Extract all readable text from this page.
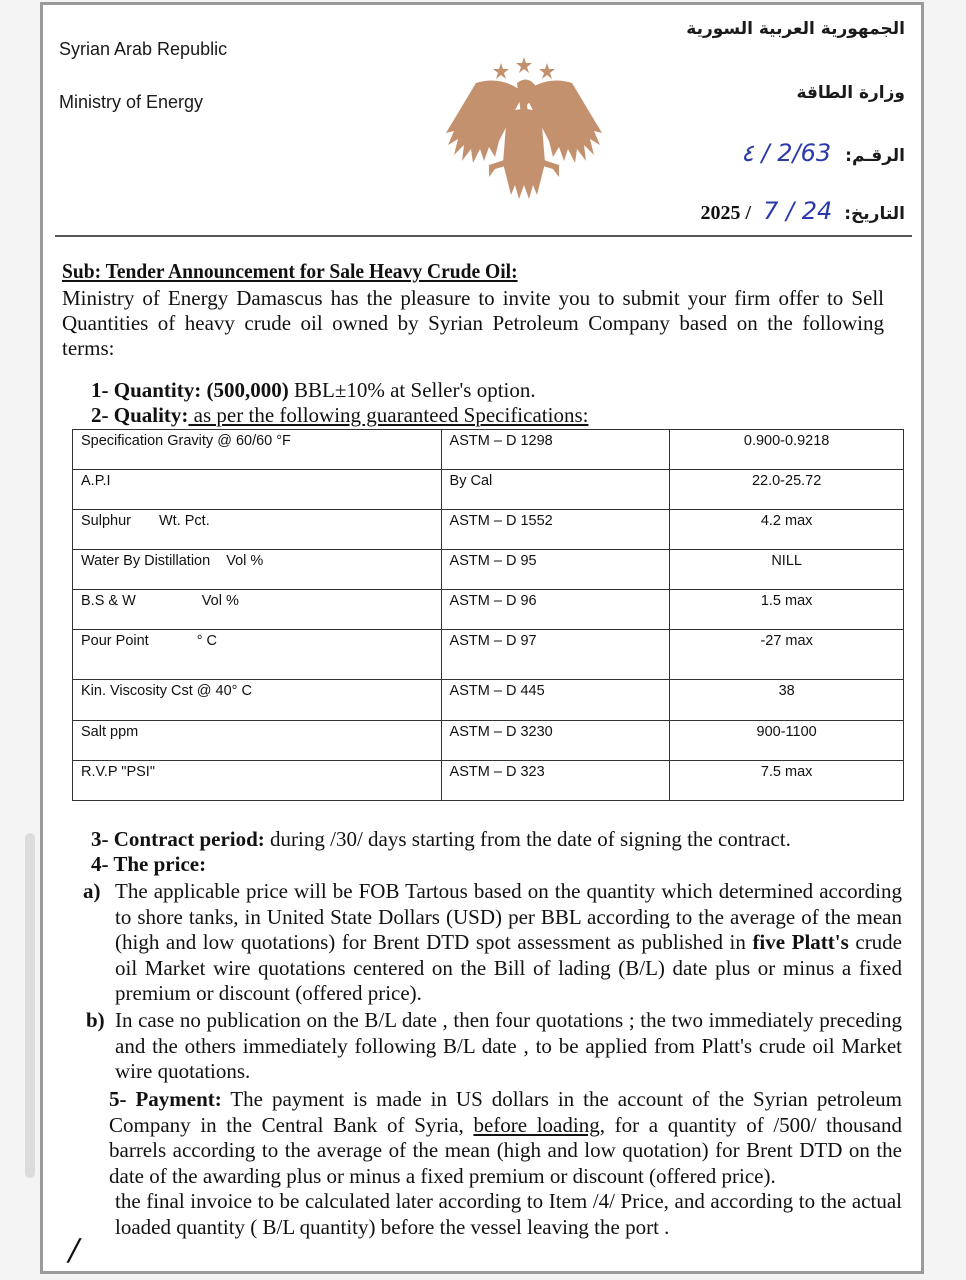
Syrian Arab Republic
Ministry of Energy
الجمهورية العربية السورية
وزارة الطاقة
٤ / 2/63 الرقـم:
2025 / 7 / 24 التاريخ:
Sub: Tender Announcement for Sale Heavy Crude Oil:
Ministry of Energy Damascus has the pleasure to invite you to submit your firm offer to Sell Quantities of heavy crude oil owned by Syrian Petroleum Company based on the following terms:
1- Quantity: (500,000) BBL±10% at Seller's option.
2- Quality: as per the following guaranteed Specifications:
Specification Gravity @ 60/60 °F	ASTM – D 1298	0.900-0.9218
A.P.I	By Cal	22.0-25.72
Sulphur Wt. Pct.	ASTM – D 1552	4.2 max
Water By Distillation Vol %	ASTM – D 95	NILL
B.S & W Vol %	ASTM – D 96	1.5 max
Pour Point ° C	ASTM – D 97	-27 max
Kin. Viscosity Cst @ 40° C	ASTM – D 445	38
Salt ppm	ASTM – D 3230	900-1100
R.V.P "PSI"	ASTM – D 323	7.5 max
3- Contract period: during /30/ days starting from the date of signing the contract.
4- The price:
a) The applicable price will be FOB Tartous based on the quantity which determined according to shore tanks, in United State Dollars (USD) per BBL according to the average of the mean (high and low quotations) for Brent DTD spot assessment as published in five Platt's crude oil Market wire quotations centered on the Bill of lading (B/L) date plus or minus a fixed premium or discount (offered price).
b) In case no publication on the B/L date , then four quotations ; the two immediately preceding and the others immediately following B/L date , to be applied from Platt's crude oil Market wire quotations.
5- Payment: The payment is made in US dollars in the account of the Syrian petroleum Company in the Central Bank of Syria, before loading, for a quantity of /500/ thousand barrels according to the average of the mean (high and low quotation) for Brent DTD on the date of the awarding plus or minus a fixed premium or discount (offered price).
the final invoice to be calculated later according to Item /4/ Price, and according to the actual loaded quantity ( B/L quantity) before the vessel leaving the port .
/
